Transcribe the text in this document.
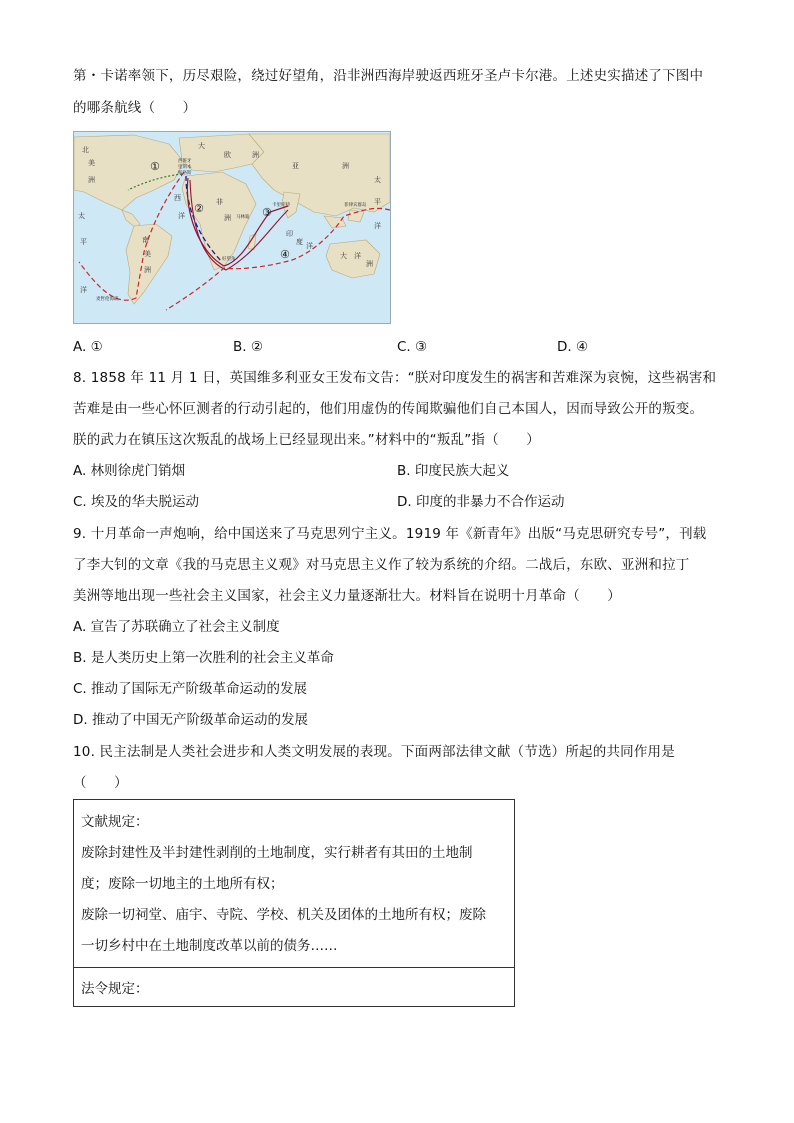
第・卡诺率领下，历尽艰险，绕过好望角，沿非洲西海岸驶返西班牙圣卢卡尔港。上述史实描述了下图中
的哪条航线（　　）
北
美
洲
大
欧	洲
亚	洲
非
洲
南
美
洲
大 洋
洲
西
洋
太
平
洋
印
度 洋
太
平
洋
西班牙
里斯本
帕洛斯
卡里库特
马林迪
好望角
菲律宾群岛
麦哲伦海峡
①
②	③
④
A. ①	B. ②	C. ③	D. ④
8. 1858 年 11 月 1 日，英国维多利亚女王发布文告：“朕对印度发生的祸害和苦难深为哀惋，这些祸害和
苦难是由一些心怀叵测者的行动引起的，他们用虚伪的传闻欺骗他们自己本国人，因而导致公开的叛变。
朕的武力在镇压这次叛乱的战场上已经显现出来。”材料中的“叛乱”指（　　）
A. 林则徐虎门销烟	B. 印度民族大起义
C. 埃及的华夫脱运动	D. 印度的非暴力不合作运动
9. 十月革命一声炮响，给中国送来了马克思列宁主义。1919 年《新青年》出版“马克思研究专号”，刊载
了李大钊的文章《我的马克思主义观》对马克思主义作了较为系统的介绍。二战后，东欧、亚洲和拉丁
美洲等地出现一些社会主义国家，社会主义力量逐渐壮大。材料旨在说明十月革命（　　）
A. 宣告了苏联确立了社会主义制度
B. 是人类历史上第一次胜利的社会主义革命
C. 推动了国际无产阶级革命运动的发展
D. 推动了中国无产阶级革命运动的发展
10. 民主法制是人类社会进步和人类文明发展的表现。下面两部法律文献（节选）所起的共同作用是
（　　）
文献规定：
废除封建性及半封建性剥削的土地制度，实行耕者有其田的土地制
度；废除一切地主的土地所有权；
废除一切祠堂、庙宇、寺院、学校、机关及团体的土地所有权；废除
一切乡村中在土地制度改革以前的债务……
法令规定：
